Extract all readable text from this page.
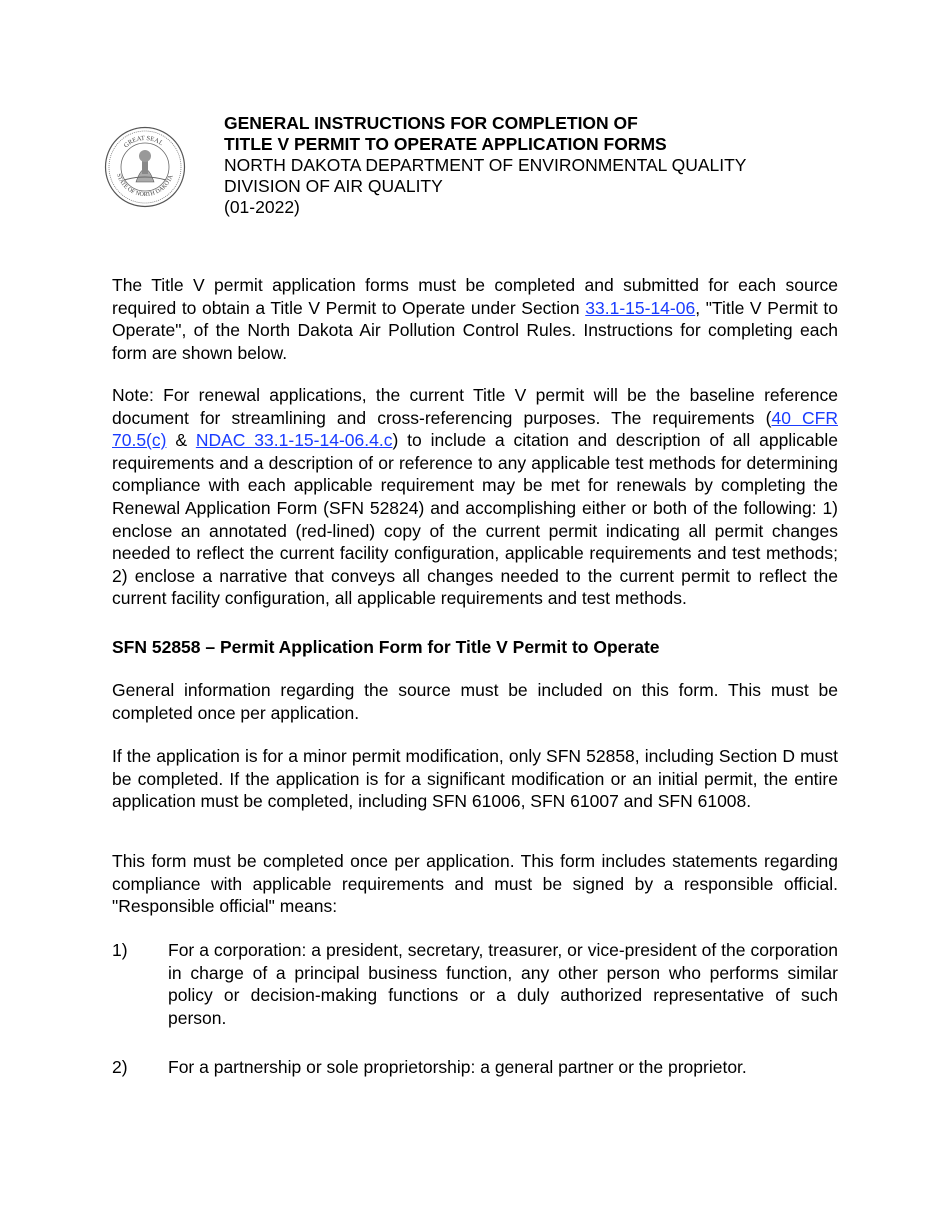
GREAT SEAL
STATE OF NORTH DAKOTA
GENERAL INSTRUCTIONS FOR COMPLETION OF
TITLE V PERMIT TO OPERATE APPLICATION FORMS
NORTH DAKOTA DEPARTMENT OF ENVIRONMENTAL QUALITY
DIVISION OF AIR QUALITY
(01-2022)
The Title V permit application forms must be completed and submitted for each source required to obtain a Title V Permit to Operate under Section 33.1-15-14-06, "Title V Permit to Operate", of the North Dakota Air Pollution Control Rules. Instructions for completing each form are shown below.
Note: For renewal applications, the current Title V permit will be the baseline reference document for streamlining and cross-referencing purposes. The requirements (40 CFR 70.5(c) & NDAC 33.1-15-14-06.4.c) to include a citation and description of all applicable requirements and a description of or reference to any applicable test methods for determining compliance with each applicable requirement may be met for renewals by completing the Renewal Application Form (SFN 52824) and accomplishing either or both of the following: 1) enclose an annotated (red-lined) copy of the current permit indicating all permit changes needed to reflect the current facility configuration, applicable requirements and test methods; 2) enclose a narrative that conveys all changes needed to the current permit to reflect the current facility configuration, all applicable requirements and test methods.
SFN 52858 – Permit Application Form for Title V Permit to Operate
General information regarding the source must be included on this form. This must be completed once per application.
If the application is for a minor permit modification, only SFN 52858, including Section D must be completed. If the application is for a significant modification or an initial permit, the entire application must be completed, including SFN 61006, SFN 61007 and SFN 61008.
This form must be completed once per application. This form includes statements regarding compliance with applicable requirements and must be signed by a responsible official. "Responsible official" means:
1) For a corporation: a president, secretary, treasurer, or vice-president of the corporation in charge of a principal business function, any other person who performs similar policy or decision-making functions or a duly authorized representative of such person.
2) For a partnership or sole proprietorship: a general partner or the proprietor.
